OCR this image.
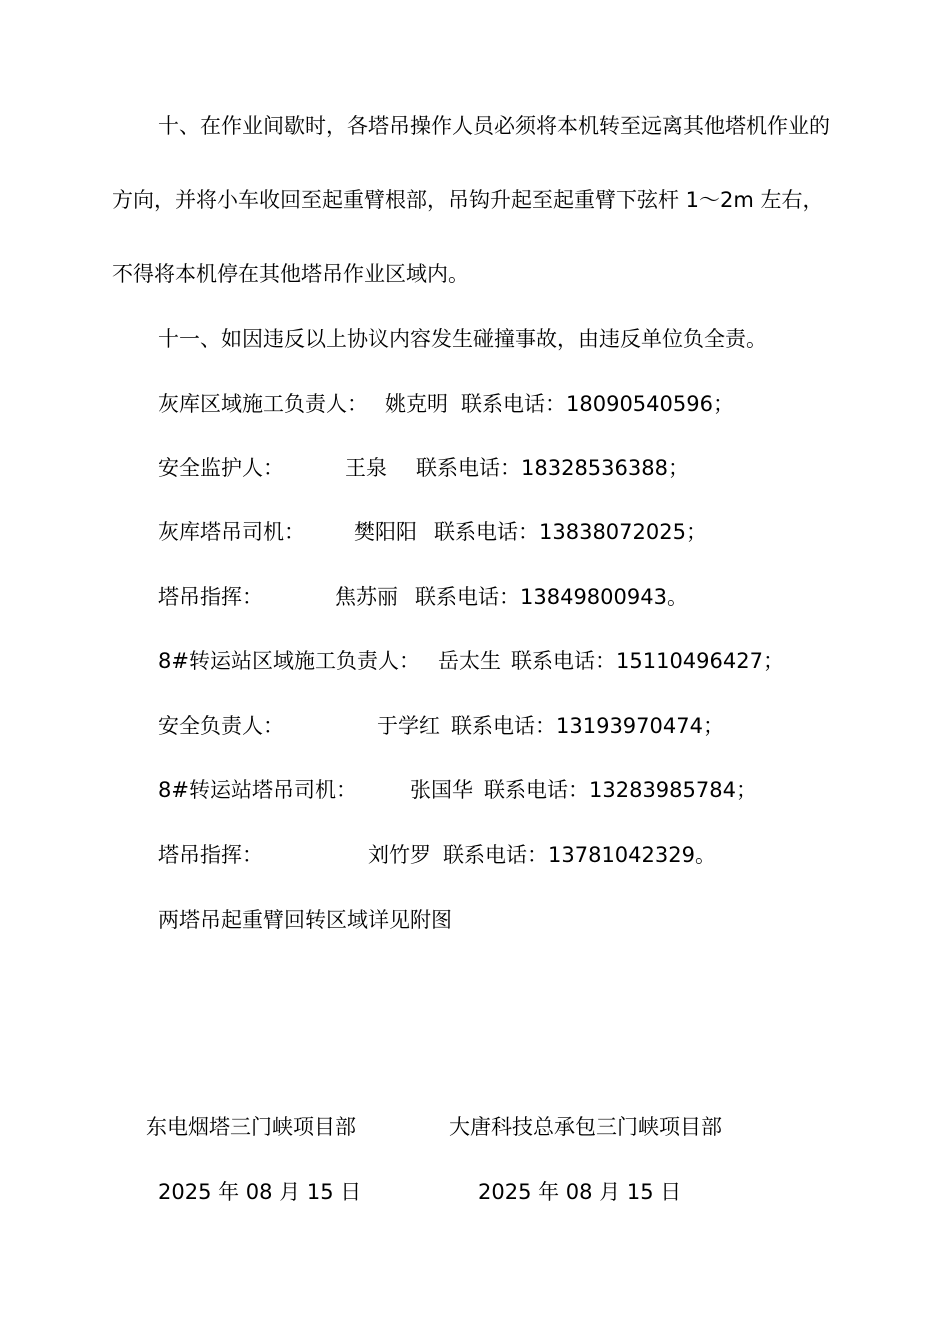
十、在作业间歇时，各塔吊操作人员必须将本机转至远离其他塔机作业的
方向，并将小车收回至起重臂根部，吊钩升起至起重臂下弦杆 1～2m 左右，
不得将本机停在其他塔吊作业区域内。
十一、如因违反以上协议内容发生碰撞事故，由违反单位负全责。
灰库区域施工负责人： 姚克明 联系电话：18090540596；
安全监护人：	王泉 联系电话：18328536388；
灰库塔吊司机： 樊阳阳 联系电话：13838072025；
塔吊指挥：	焦苏丽 联系电话：13849800943。
8#转运站区域施工负责人： 岳太生 联系电话：15110496427；
安全负责人：	于学红 联系电话：13193970474；
8#转运站塔吊司机：	张国华 联系电话：13283985784；
塔吊指挥：	刘竹罗 联系电话：13781042329。
两塔吊起重臂回转区域详见附图
东电烟塔三门峡项目部	大唐科技总承包三门峡项目部
2025 年 08 月 15 日	2025 年 08 月 15 日
